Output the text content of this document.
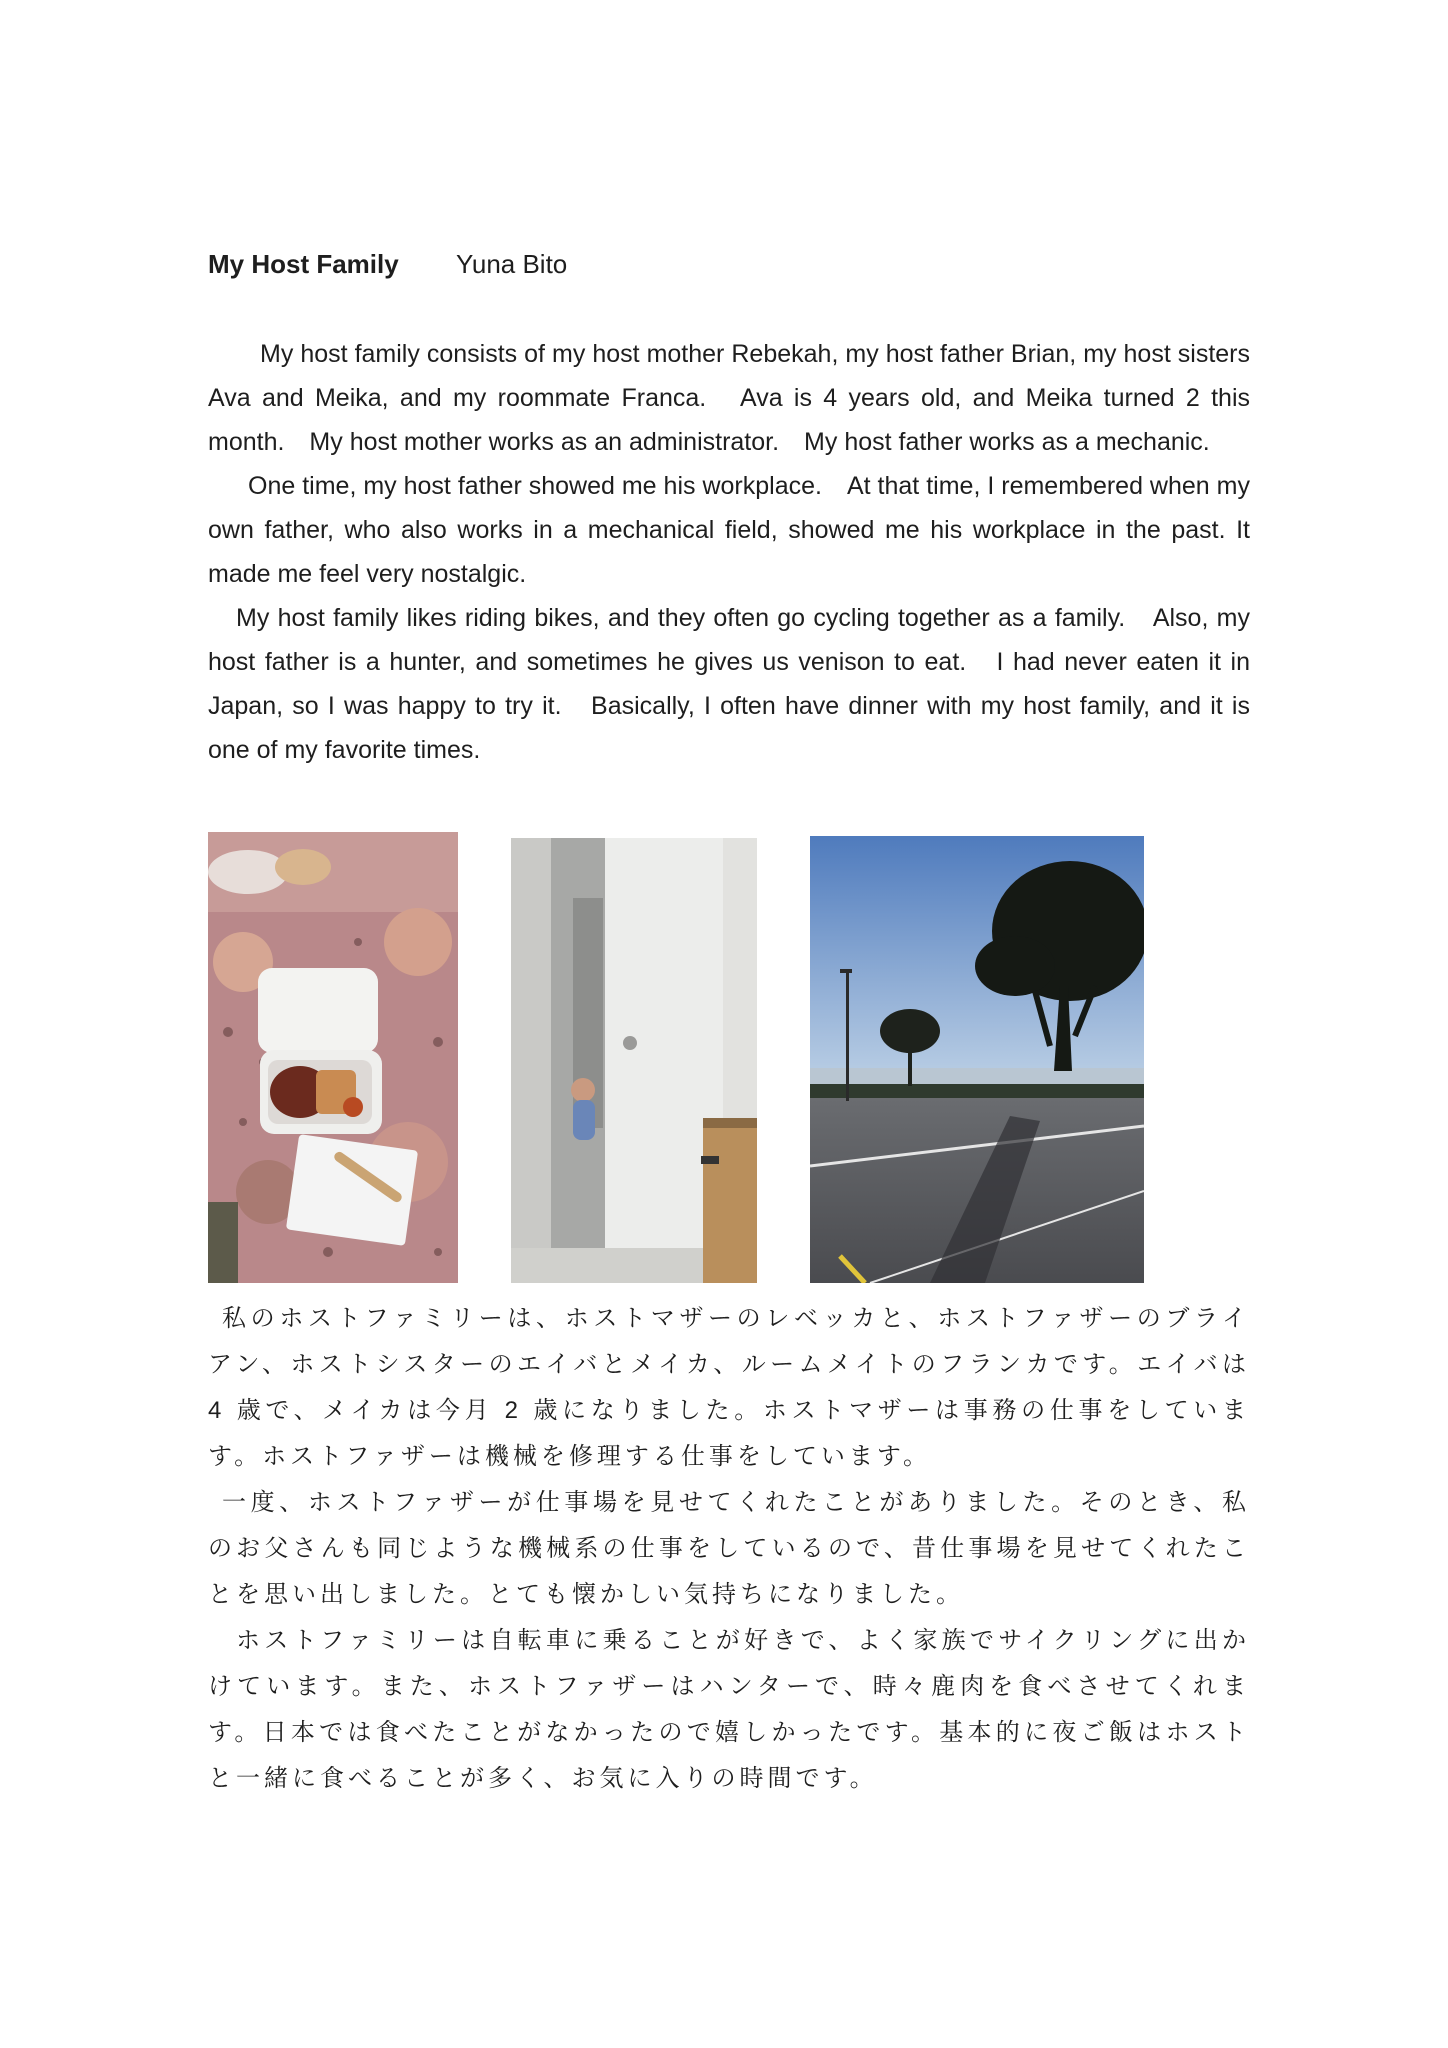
My Host Family Yuna Bito

My host family consists of my host mother Rebekah, my host father Brian, my host sisters Ava and Meika, and my roommate Franca.　Ava is 4 years old, and Meika turned 2 this month.　My host mother works as an administrator.　My host father works as a mechanic.

One time, my host father showed me his workplace.　At that time, I remembered when my own father, who also works in a mechanical field, showed me his workplace in the past. It made me feel very nostalgic.

My host family likes riding bikes, and they often go cycling together as a family.　Also, my host father is a hunter, and sometimes he gives us venison to eat.　I had never eaten it in Japan, so I was happy to try it.　Basically, I often have dinner with my host family, and it is one of my favorite times.

私のホストファミリーは、ホストマザーのレベッカと、ホストファザーのブライアン、ホストシスターのエイバとメイカ、ルームメイトのフランカです。エイバは 4 歳で、メイカは今月 2 歳になりました。ホストマザーは事務の仕事をしています。ホストファザーは機械を修理する仕事をしています。

一度、ホストファザーが仕事場を見せてくれたことがありました。そのとき、私のお父さんも同じような機械系の仕事をしているので、昔仕事場を見せてくれたことを思い出しました。とても懐かしい気持ちになりました。

ホストファミリーは自転車に乗ることが好きで、よく家族でサイクリングに出かけています。また、ホストファザーはハンターで、時々鹿肉を食べさせてくれます。日本では食べたことがなかったので嬉しかったです。基本的に夜ご飯はホストと一緒に食べることが多く、お気に入りの時間です。
